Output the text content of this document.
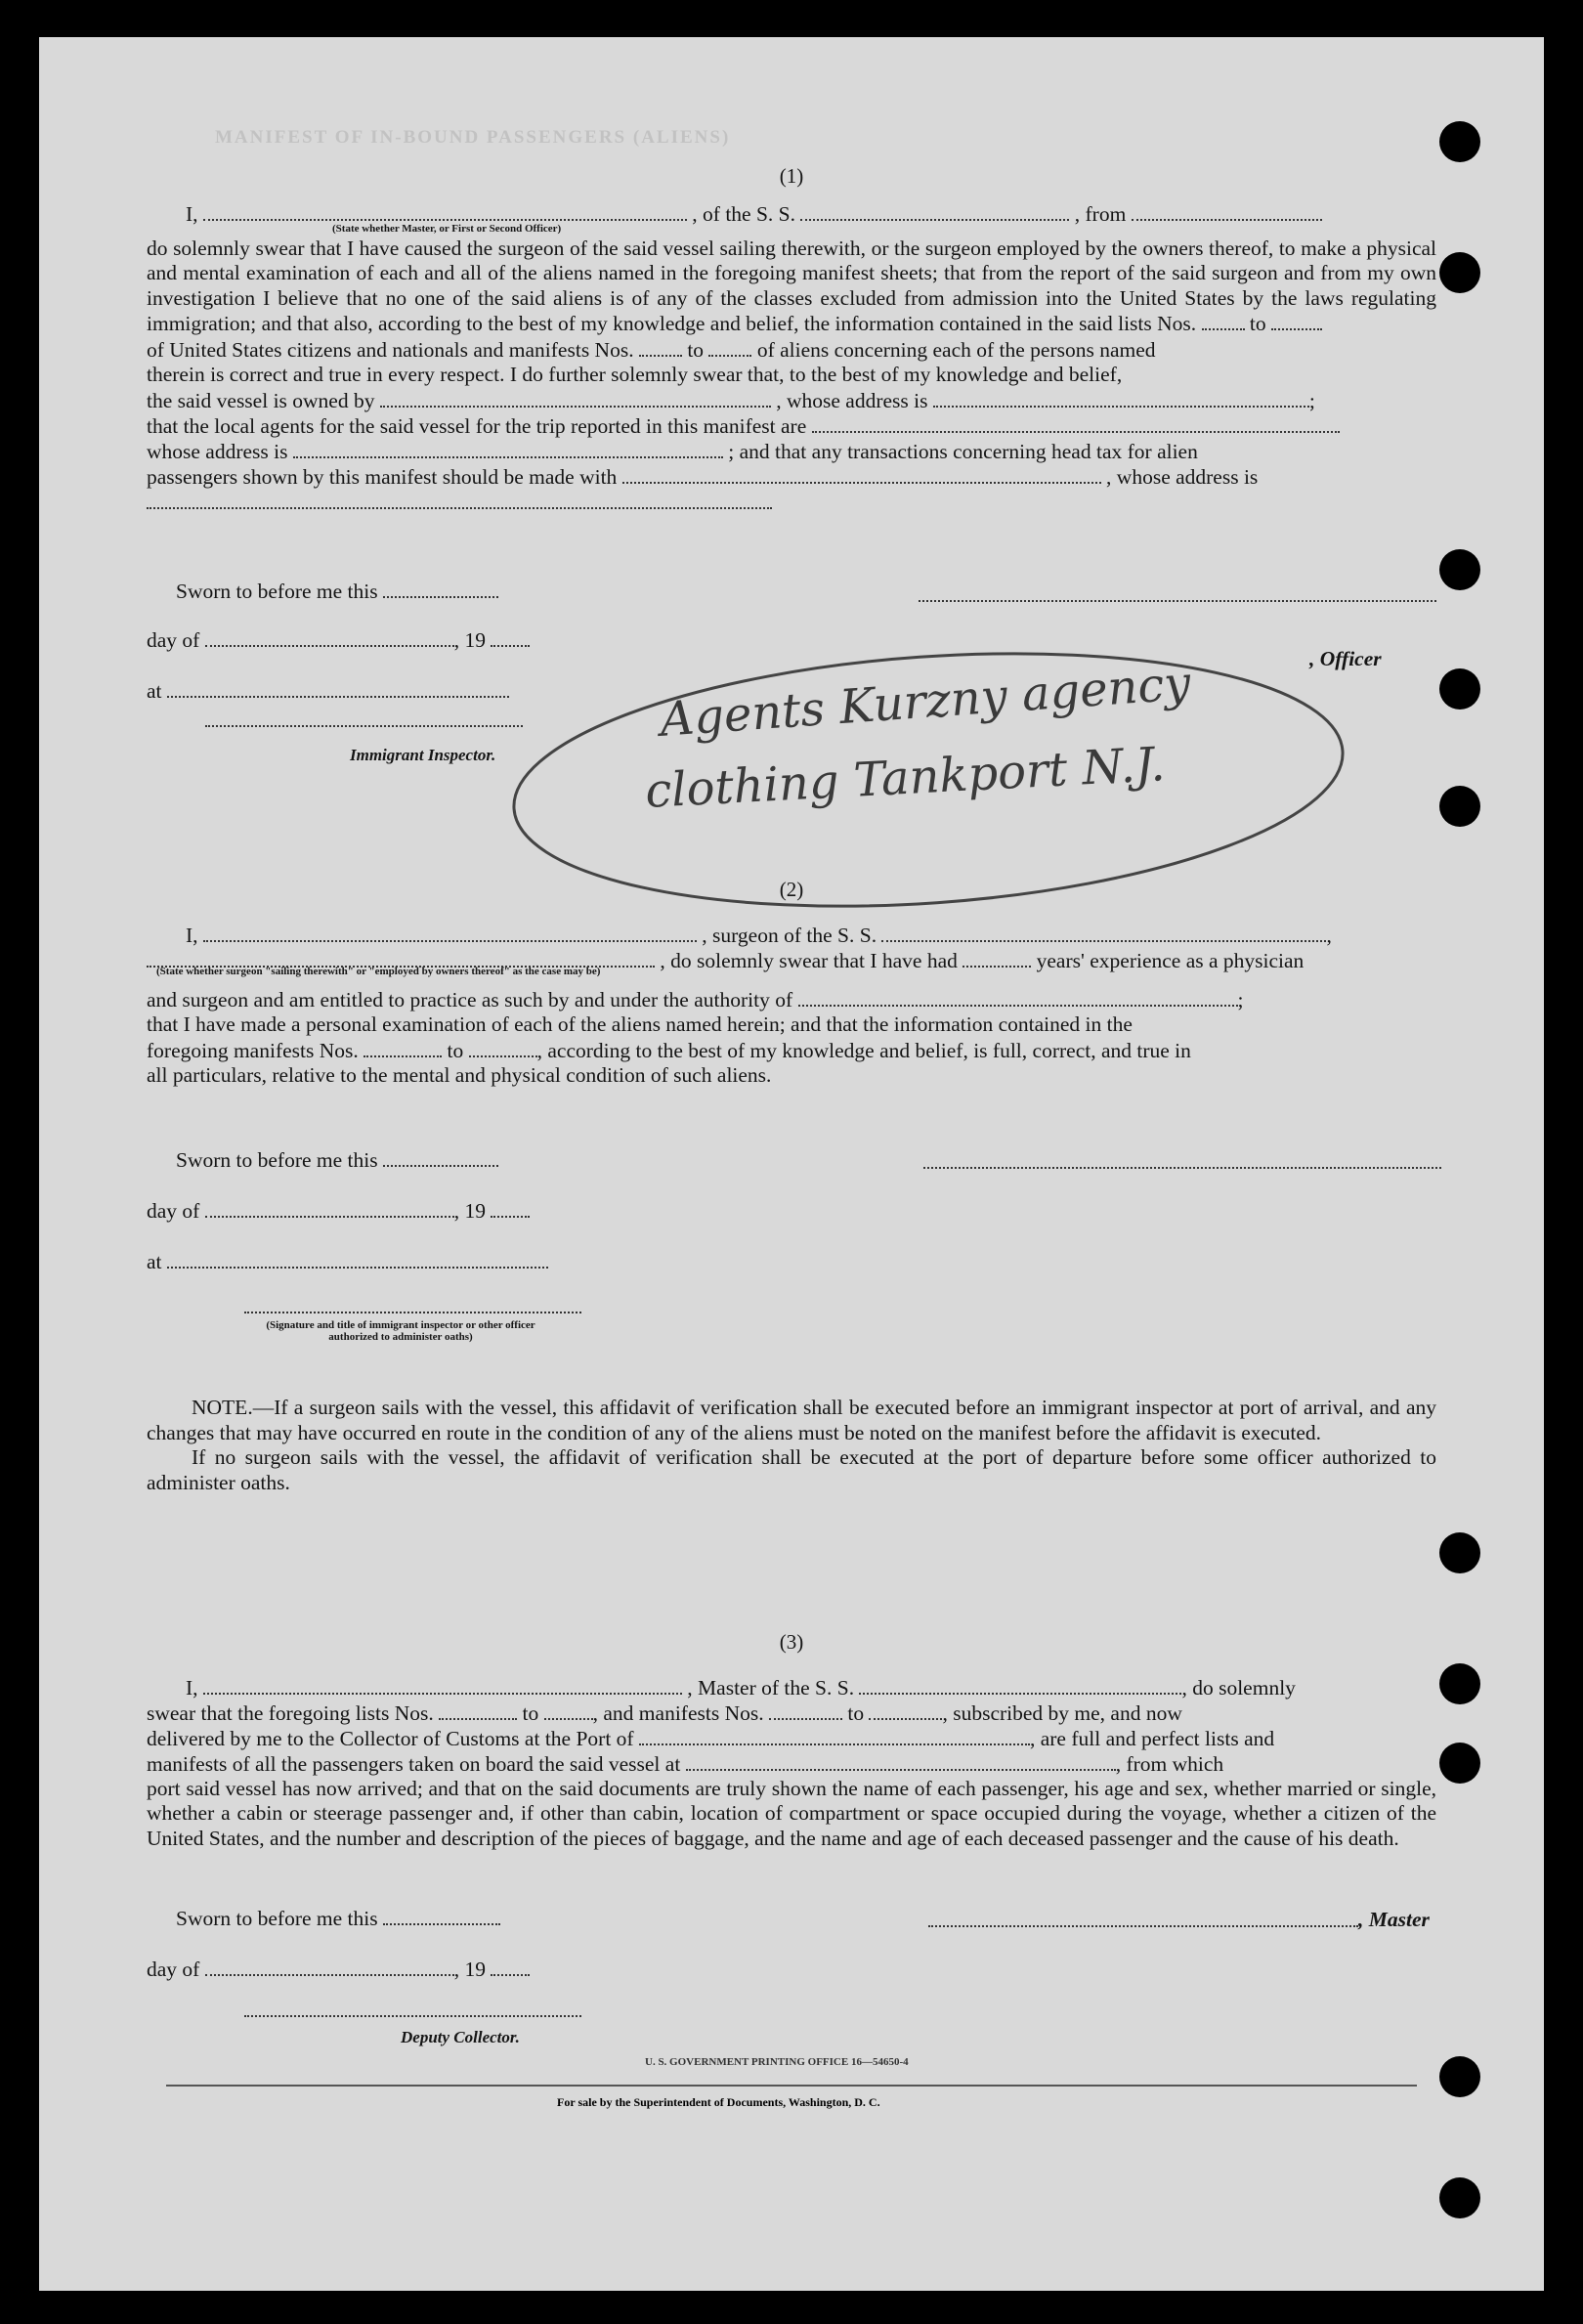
MANIFEST OF IN-BOUND PASSENGERS (ALIENS)
(1)
I,	, of the S. S.	, from
(State whether Master, or First or Second Officer)

do solemnly swear that I have caused the surgeon of the said vessel sailing therewith, or the surgeon employed by the owners thereof, to make a physical and mental examination of each and all of the aliens named in the foregoing manifest sheets; that from the report of the said surgeon and from my own investigation I believe that no one of the said aliens is of any of the classes excluded from admission into the United States by the laws regulating immigration; and that also, according to the best of my knowledge and belief, the information contained in the said lists Nos.	to

of United States citizens and nationals and manifests Nos.	to	of aliens concerning each of the persons named
therein is correct and true in every respect. I do further solemnly swear that, to the best of my knowledge and belief,
the said vessel is owned by	, whose address is	;
that the local agents for the said vessel for the trip reported in this manifest are
whose address is	; and that any transactions concerning head tax for alien
passengers shown by this manifest should be made with	, whose address is
Sworn to before me this
day of	, 19
, Officer
at
Immigrant Inspector.
Agents Kurzny agency
clothing Tankport N.J.
(2)
I,	, surgeon of the S. S.	,
, do solemnly swear that I have had	years' experience as a physician
(State whether surgeon "sailing therewith" or "employed by owners thereof" as the case may be)
and surgeon and am entitled to practice as such by and under the authority of	;
that I have made a personal examination of each of the aliens named herein; and that the information contained in the
foregoing manifests Nos.	to	, according to the best of my knowledge and belief, is full, correct, and true in
all particulars, relative to the mental and physical condition of such aliens.
Sworn to before me this
day of	, 19
at
(Signature and title of immigrant inspector or other officer authorized to administer oaths)

NOTE.—If a surgeon sails with the vessel, this affidavit of verification shall be executed before an immigrant inspector at port of arrival, and any changes that may have occurred en route in the condition of any of the aliens must be noted on the manifest before the affidavit is executed.

If no surgeon sails with the vessel, the affidavit of verification shall be executed at the port of departure before some officer authorized to administer oaths.

(3)
I,	, Master of the S. S.	, do solemnly
swear that the foregoing lists Nos.	to	, and manifests Nos.	to	, subscribed by me, and now
delivered by me to the Collector of Customs at the Port of	, are full and perfect lists and
manifests of all the passengers taken on board the said vessel at	, from which

port said vessel has now arrived; and that on the said documents are truly shown the name of each passenger, his age and sex, whether married or single, whether a cabin or steerage passenger and, if other than cabin, location of compartment or space occupied during the voyage, whether a citizen of the United States, and the number and description of the pieces of baggage, and the name and age of each deceased passenger and the cause of his death.

Sworn to before me this	, Master
day of	, 19
Deputy Collector.
U. S. GOVERNMENT PRINTING OFFICE 16—54650-4
For sale by the Superintendent of Documents, Washington, D. C.
